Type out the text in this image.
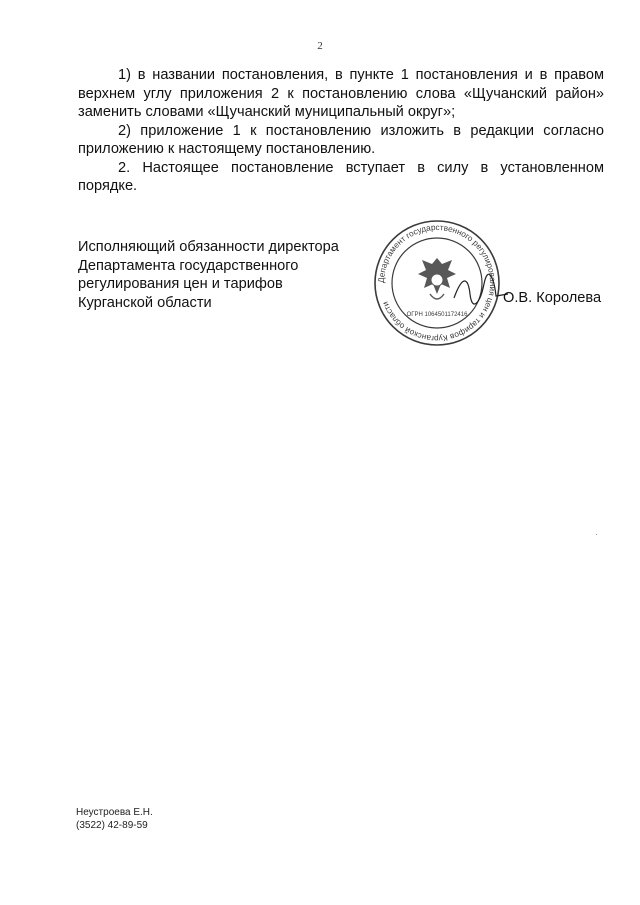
2

1) в названии постановления, в пункте 1 постановления и в правом верхнем углу приложения 2 к постановлению слова «Щучанский район» заменить словами «Щучанский муниципальный округ»;

2) приложение 1 к постановлению изложить в редакции согласно приложению к настоящему постановлению.

2. Настоящее постановление вступает в силу в установленном порядке.

Исполняющий обязанности директора
Департамента государственного
регулирования цен и тарифов
Курганской области
Департамент государственного регулирования цен и тарифов Курганской области
ОГРН 1064501172416
О.В. Королева
Неустроева Е.Н.
(3522) 42-89-59
